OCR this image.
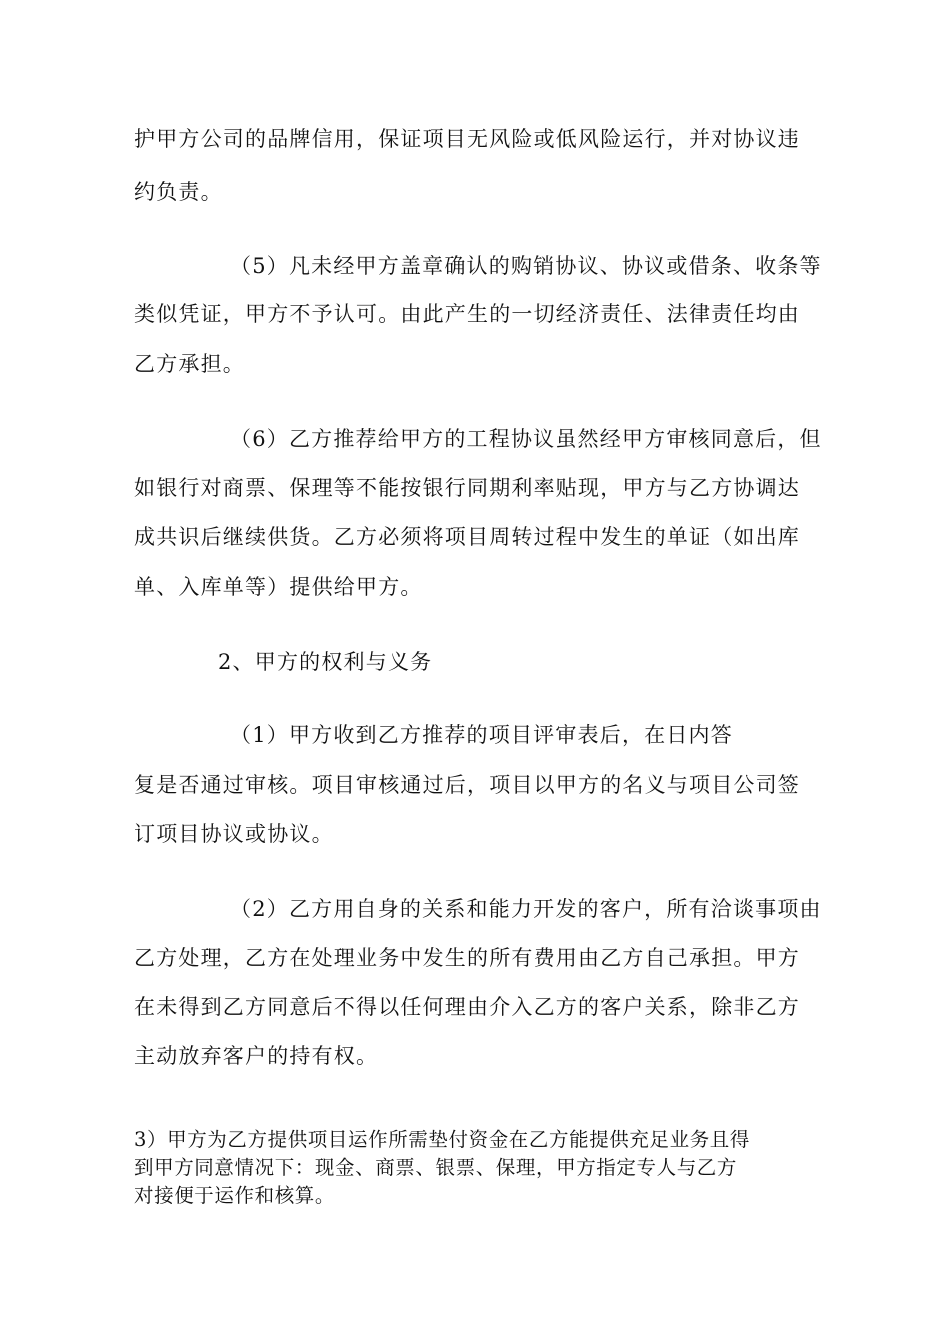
护甲方公司的品牌信用，保证项目无风险或低风险运行，并对协议违
约负责。
（5）凡未经甲方盖章确认的购销协议、协议或借条、收条等
类似凭证，甲方不予认可。由此产生的一切经济责任、法律责任均由
乙方承担。
（6）乙方推荐给甲方的工程协议虽然经甲方审核同意后，但
如银行对商票、保理等不能按银行同期利率贴现，甲方与乙方协调达
成共识后继续供货。乙方必须将项目周转过程中发生的单证（如出库
单、入库单等）提供给甲方。
2、甲方的权利与义务
（1）甲方收到乙方推荐的项目评审表后，在日内答
复是否通过审核。项目审核通过后，项目以甲方的名义与项目公司签
订项目协议或协议。
（2）乙方用自身的关系和能力开发的客户，所有洽谈事项由
乙方处理，乙方在处理业务中发生的所有费用由乙方自己承担。甲方
在未得到乙方同意后不得以任何理由介入乙方的客户关系，除非乙方
主动放弃客户的持有权。
3）甲方为乙方提供项目运作所需垫付资金在乙方能提供充足业务且得
到甲方同意情况下：现金、商票、银票、保理，甲方指定专人与乙方
对接便于运作和核算。
